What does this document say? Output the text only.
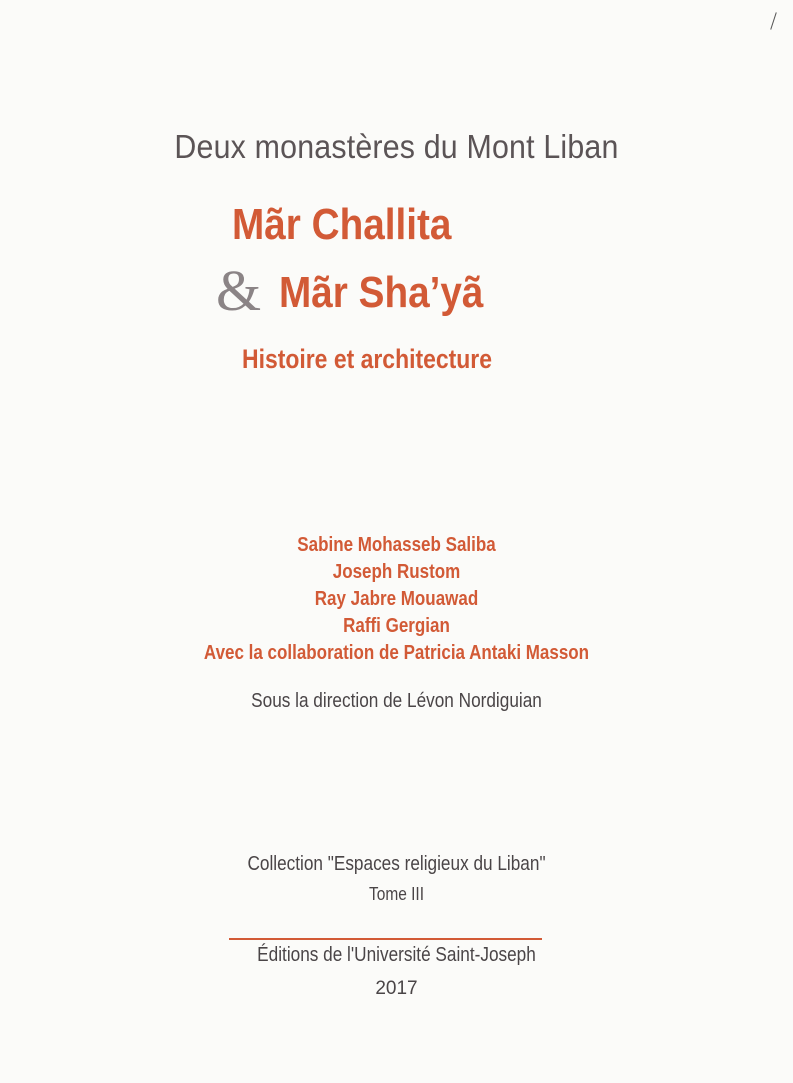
Deux monastères du Mont Liban
Mãr Challita
& Mãr Sha’yã
Histoire et architecture
Sabine Mohasseb Saliba
Joseph Rustom
Ray Jabre Mouawad
Raffi Gergian
Avec la collaboration de Patricia Antaki Masson
Sous la direction de Lévon Nordiguian
Collection "Espaces religieux du Liban"
Tome III
Éditions de l'Université Saint-Joseph
2017
